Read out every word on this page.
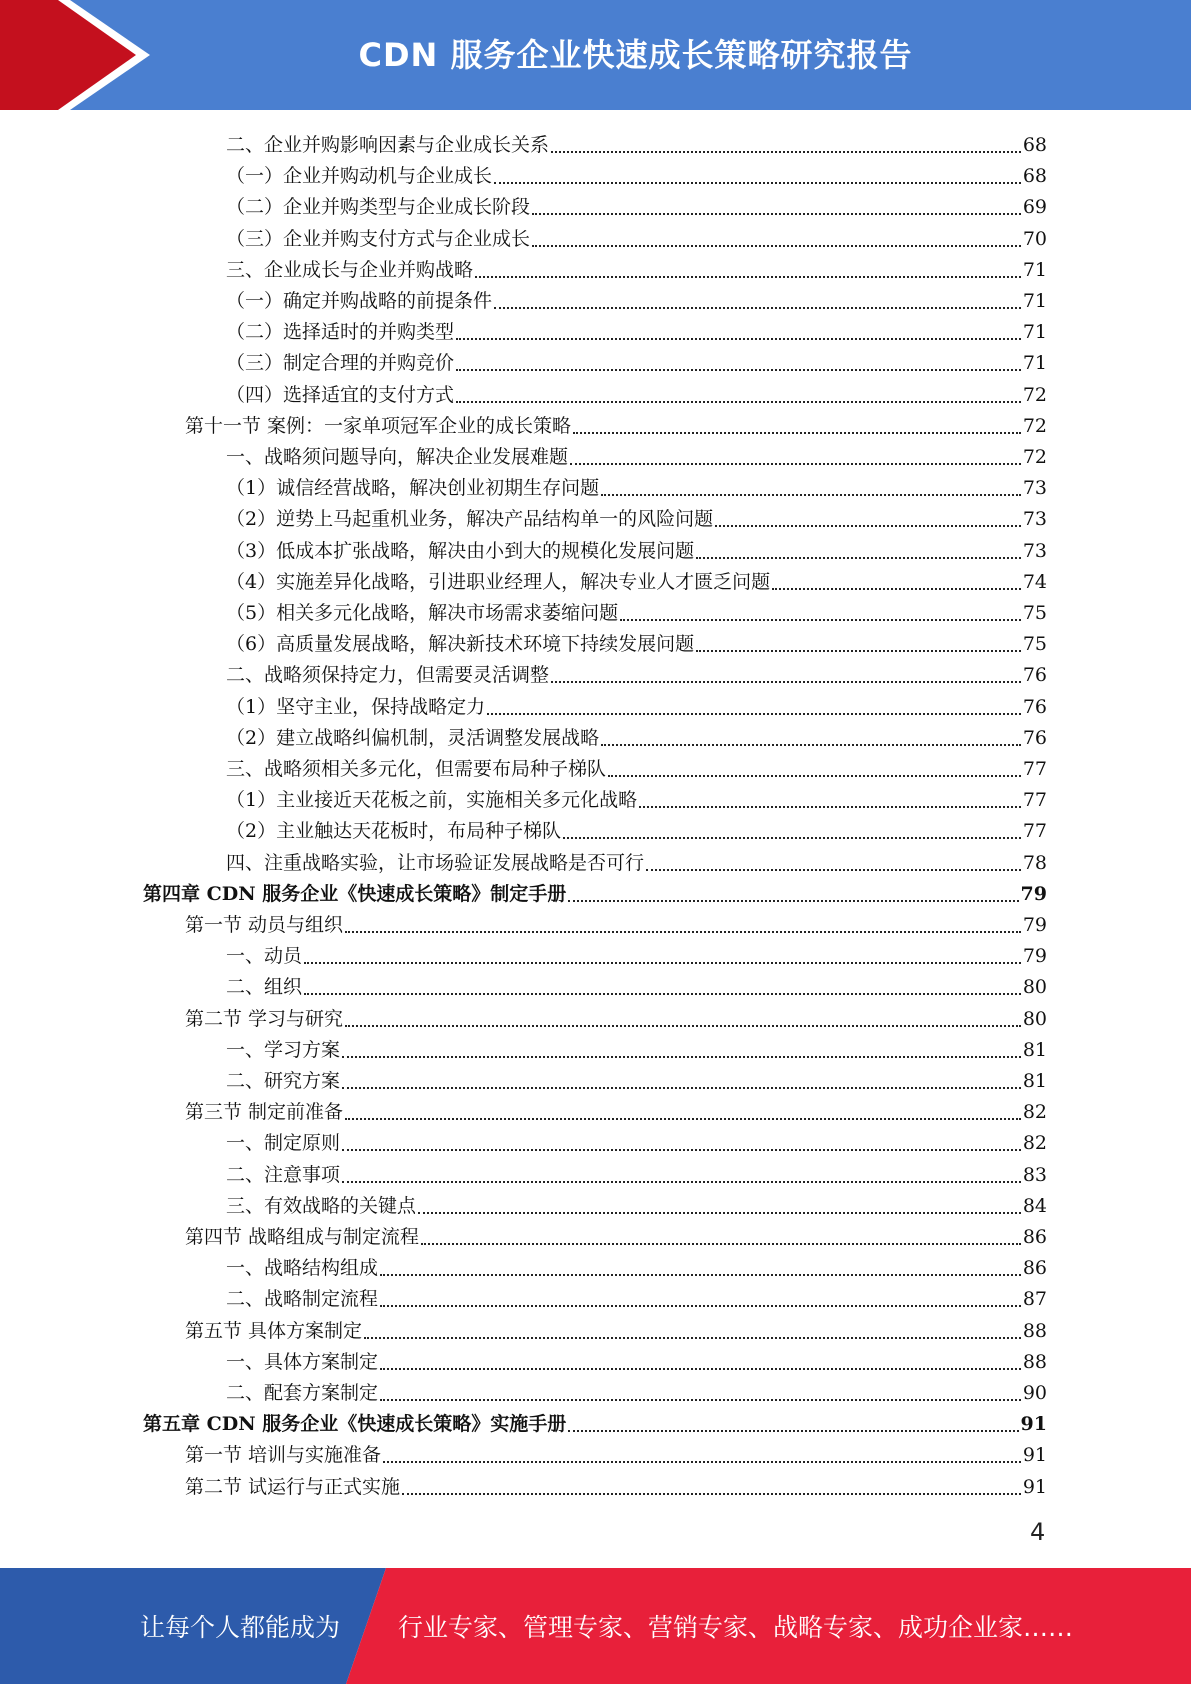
CDN 服务企业快速成长策略研究报告
二、企业并购影响因素与企业成长关系	68
（一）企业并购动机与企业成长	68
（二）企业并购类型与企业成长阶段	69
（三）企业并购支付方式与企业成长	70
三、企业成长与企业并购战略	71
（一）确定并购战略的前提条件	71
（二）选择适时的并购类型	71
（三）制定合理的并购竞价	71
（四）选择适宜的支付方式	72
第十一节 案例：一家单项冠军企业的成长策略	72
一、战略须问题导向，解决企业发展难题	72
（1）诚信经营战略，解决创业初期生存问题	73
（2）逆势上马起重机业务，解决产品结构单一的风险问题	73
（3）低成本扩张战略，解决由小到大的规模化发展问题	73
（4）实施差异化战略，引进职业经理人，解决专业人才匮乏问题	74
（5）相关多元化战略，解决市场需求萎缩问题	75
（6）高质量发展战略，解决新技术环境下持续发展问题	75
二、战略须保持定力，但需要灵活调整	76
（1）坚守主业，保持战略定力	76
（2）建立战略纠偏机制，灵活调整发展战略	76
三、战略须相关多元化，但需要布局种子梯队	77
（1）主业接近天花板之前，实施相关多元化战略	77
（2）主业触达天花板时，布局种子梯队	77
四、注重战略实验，让市场验证发展战略是否可行	78
第四章 CDN 服务企业《快速成长策略》制定手册	79
第一节 动员与组织	79
一、动员	79
二、组织	80
第二节 学习与研究	80
一、学习方案	81
二、研究方案	81
第三节 制定前准备	82
一、制定原则	82
二、注意事项	83
三、有效战略的关键点	84
第四节 战略组成与制定流程	86
一、战略结构组成	86
二、战略制定流程	87
第五节 具体方案制定	88
一、具体方案制定	88
二、配套方案制定	90
第五章 CDN 服务企业《快速成长策略》实施手册	91
第一节 培训与实施准备	91
第二节 试运行与正式实施	91
4
让每个人都能成为 行业专家、管理专家、营销专家、战略专家、成功企业家……
